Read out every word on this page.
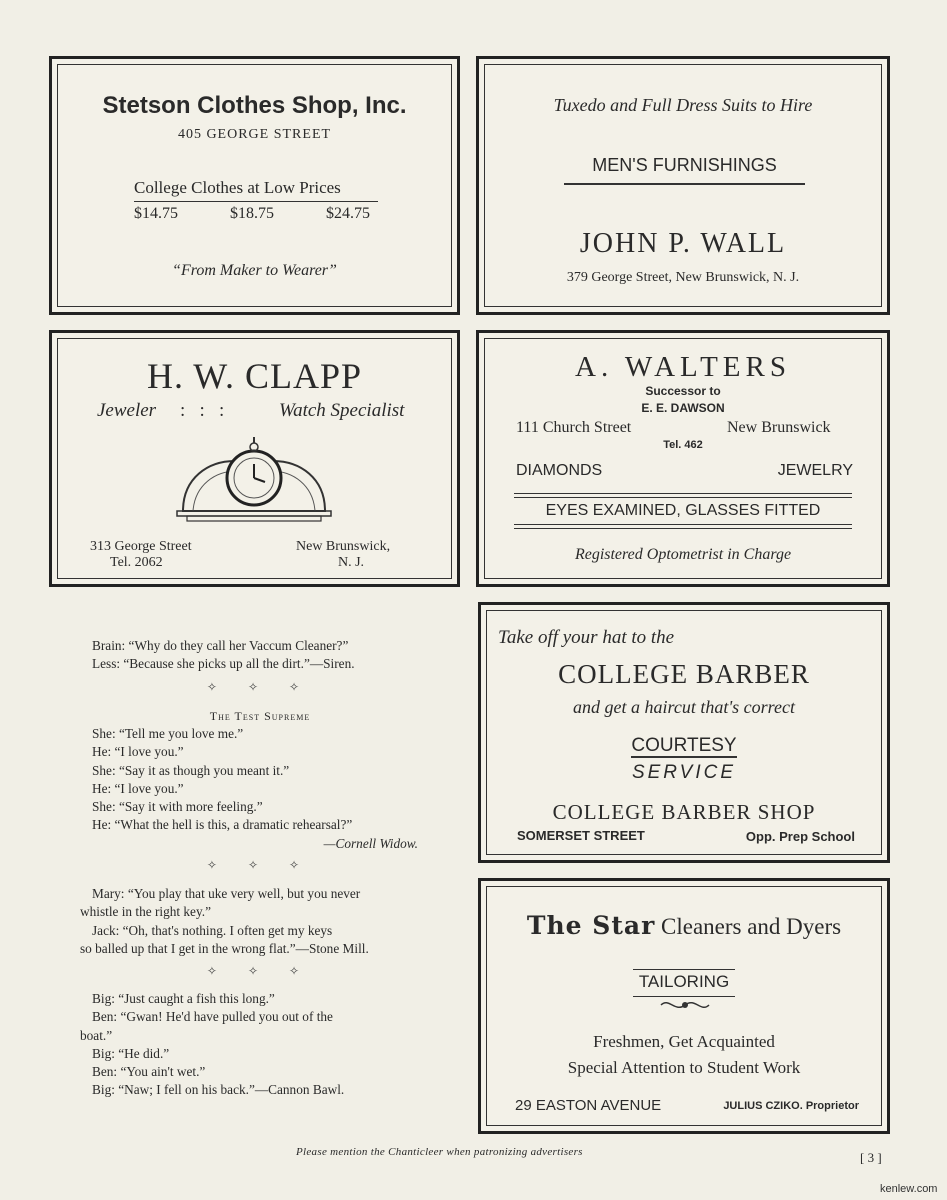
Stetson Clothes Shop, Inc.
405 GEORGE STREET
College Clothes at Low Prices
$14.75	$18.75	$24.75
“From Maker to Wearer”
Tuxedo and Full Dress Suits to Hire
MEN'S FURNISHINGS
JOHN P. WALL
379 George Street, New Brunswick, N. J.
H. W. CLAPP
Jeweler :   :   :	Watch Specialist
313 George Street
Tel. 2062
New Brunswick,
N. J.
A. WALTERS
Successor to
E. E. DAWSON
111 Church Street	New Brunswick
Tel. 462
DIAMONDS	JEWELRY
EYES EXAMINED, GLASSES FITTED
Registered Optometrist in Charge
Brain: “Why do they call her Vaccum Cleaner?”
Less: “Because she picks up all the dirt.”—Siren.
✧ ✧ ✧
The Test Supreme
She: “Tell me you love me.”
He: “I love you.”
She: “Say it as though you meant it.”
He: “I love you.”
She: “Say it with more feeling.”
He: “What the hell is this, a dramatic rehearsal?”
—Cornell Widow.
✧ ✧ ✧
Mary: “You play that uke very well, but you never
whistle in the right key.”
Jack: “Oh, that's nothing. I often get my keys
so balled up that I get in the wrong flat.”—Stone Mill.
✧ ✧ ✧
Big: “Just caught a fish this long.”
Ben: “Gwan! He'd have pulled you out of the
boat.”
Big: “He did.”
Ben: “You ain't wet.”
Big: “Naw; I fell on his back.”—Cannon Bawl.
Take off your hat to the
COLLEGE BARBER
and get a haircut that's correct
COURTESY
SERVICE
COLLEGE BARBER SHOP
SOMERSET STREET	Opp. Prep School
The Star Cleaners and Dyers
TAILORING
Freshmen, Get Acquainted
Special Attention to Student Work
29 EASTON AVENUE	JULIUS CZIKO. Proprietor
Please mention the Chanticleer when patronizing advertisers	[ 3 ]
kenlew.com
